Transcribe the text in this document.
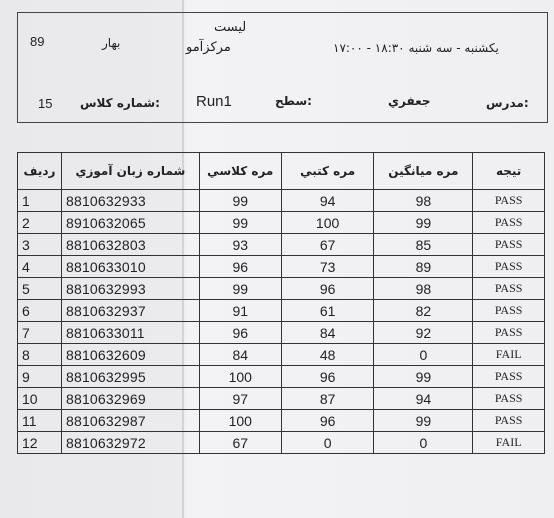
89	بهار
لیست
مرکزآمو	یکشنبه - سه شنبه ۱۸:۳۰ - ۱۷:۰۰
15 شماره کلاس: Run1	سطح:	جعفري	مدرس:
رديف	شماره زبان آموزي	مره كلاسي	مره كتبي	مره ميانگين	تيجه
1	8810632933	99	94	98	PASS
2	8910632065	99	100	99	PASS
3	8810632803	93	67	85	PASS
4	8810633010	96	73	89	PASS
5	8810632993	99	96	98	PASS
6	8810632937	91	61	82	PASS
7	8810633011	96	84	92	PASS
8	8810632609	84	48	0	FAIL
9	8810632995	100	96	99	PASS
10	8810632969	97	87	94	PASS
11	8810632987	100	96	99	PASS
12	8810632972	67	0	0	FAIL
